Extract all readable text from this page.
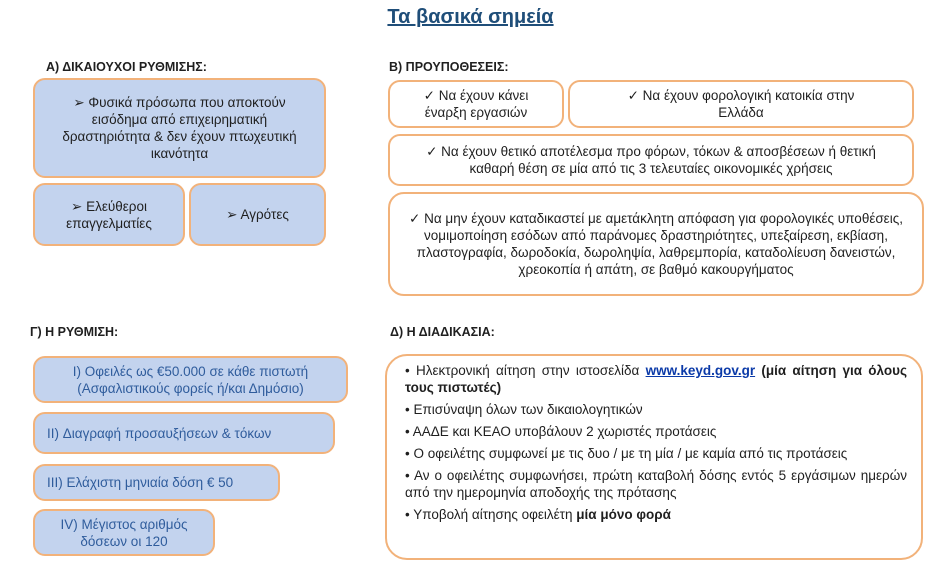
Τα βασικά σημεία
Α) ΔΙΚΑΙΟΥΧΟΙ ΡΥΘΜΙΣΗΣ:
➢ Φυσικά πρόσωπα που αποκτούν εισόδημα από επιχειρηματική δραστηριότητα & δεν έχουν πτωχευτική ικανότητα
➢ Ελεύθεροι επαγγελματίες
➢ Αγρότες
Β) ΠΡΟΥΠΟΘΕΣΕΙΣ:
✓ Να έχουν κάνει έναρξη εργασιών
✓ Να έχουν φορολογική κατοικία στην Ελλάδα
✓ Να έχουν θετικό αποτέλεσμα προ φόρων, τόκων & αποσβέσεων ή θετική καθαρή θέση σε μία από τις 3 τελευταίες οικονομικές χρήσεις
✓ Να μην έχουν καταδικαστεί με αμετάκλητη απόφαση για φορολογικές υποθέσεις, νομιμοποίηση εσόδων από παράνομες δραστηριότητες, υπεξαίρεση, εκβίαση, πλαστογραφία, δωροδοκία, δωροληψία, λαθρεμπορία, καταδολίευση δανειστών, χρεοκοπία ή απάτη, σε βαθμό κακουργήματος
Γ) Η ΡΥΘΜΙΣΗ:
I) Οφειλές ως €50.000 σε κάθε πιστωτή (Ασφαλιστικούς φορείς ή/και Δημόσιο)
II) Διαγραφή προσαυξήσεων & τόκων
III) Ελάχιστη μηνιαία δόση € 50
IV) Μέγιστος αριθμός δόσεων οι 120
Δ) Η ΔΙΑΔΙΚΑΣΙΑ:
• Ηλεκτρονική αίτηση στην ιστοσελίδα www.keyd.gov.gr (μία αίτηση για όλους τους πιστωτές)
• Επισύναψη όλων των δικαιολογητικών
• ΑΑΔΕ και ΚΕΑΟ υποβάλουν 2 χωριστές προτάσεις
• Ο οφειλέτης συμφωνεί με τις δυο / με τη μία / με καμία από τις προτάσεις
• Αν ο οφειλέτης συμφωνήσει, πρώτη καταβολή δόσης εντός 5 εργάσιμων ημερών από την ημερομηνία αποδοχής της πρότασης
• Υποβολή αίτησης οφειλέτη μία μόνο φορά
